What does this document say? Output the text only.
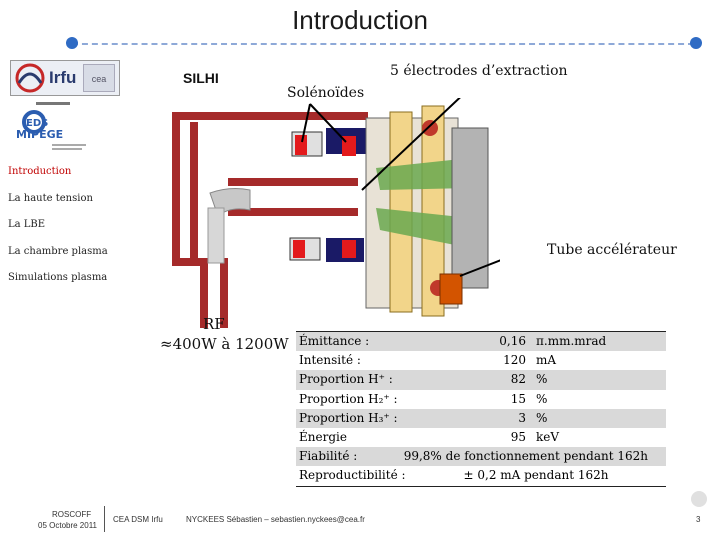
Introduction
Irfu	cea
EDS
MIPEGE
Introduction
La haute tension
La LBE
La chambre plasma
Simulations plasma
SILHI
Solénoïdes
5 électrodes d’extraction
Tube accélérateur
RF
≈400W à 1200W Émittance :	0,16 π.mm.mrad
Intensité :	120 mA
Proportion H⁺ :	82 %
Proportion H₂⁺ :	15 %
Proportion H₃⁺ :	3 %
Énergie	95 keV
Fiabilité :	99,8% de fonctionnement pendant 162h
Reproductibilité :	± 0,2 mA pendant 162h
ROSCOFF
05 Octobre 2011
CEA DSM Irfu	NYCKEES Sébastien – sebastien.nyckees@cea.fr	3
